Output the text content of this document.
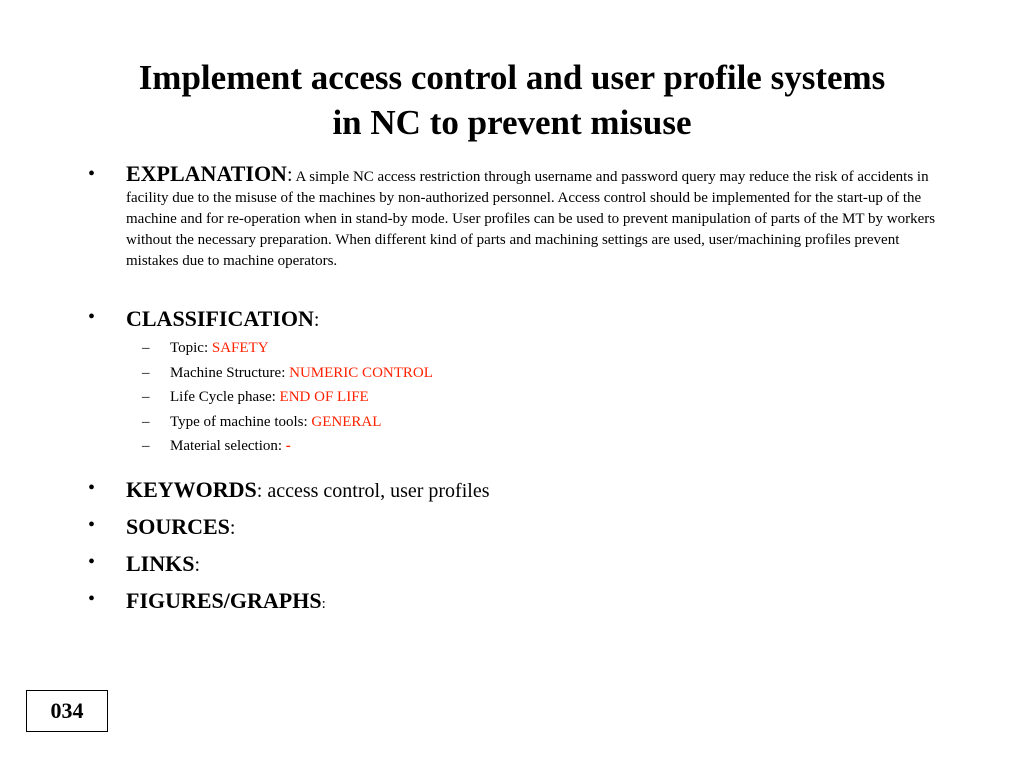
Implement access control and user profile systems
in NC to prevent misuse
•	EXPLANATION: A simple NC access restriction through username and password query may reduce the risk of accidents in facility due to the misuse of the machines by non-authorized personnel. Access control should be implemented for the start-up of the machine and for re-operation when in stand-by mode. User profiles can be used to prevent manipulation of parts of the MT by workers without the necessary preparation. When different kind of parts and machining settings are used, user/machining profiles prevent mistakes due to machine operators.
•	CLASSIFICATION:
–	Topic:
SAFETY
–	Machine Structure:
NUMERIC CONTROL
–	Life Cycle phase:
END OF LIFE
–	Type of machine tools:
GENERAL
–	Material selection:
-
•	KEYWORDS: access control, user profiles
•	SOURCES:
•	LINKS:
•	FIGURES/GRAPHS:
034
